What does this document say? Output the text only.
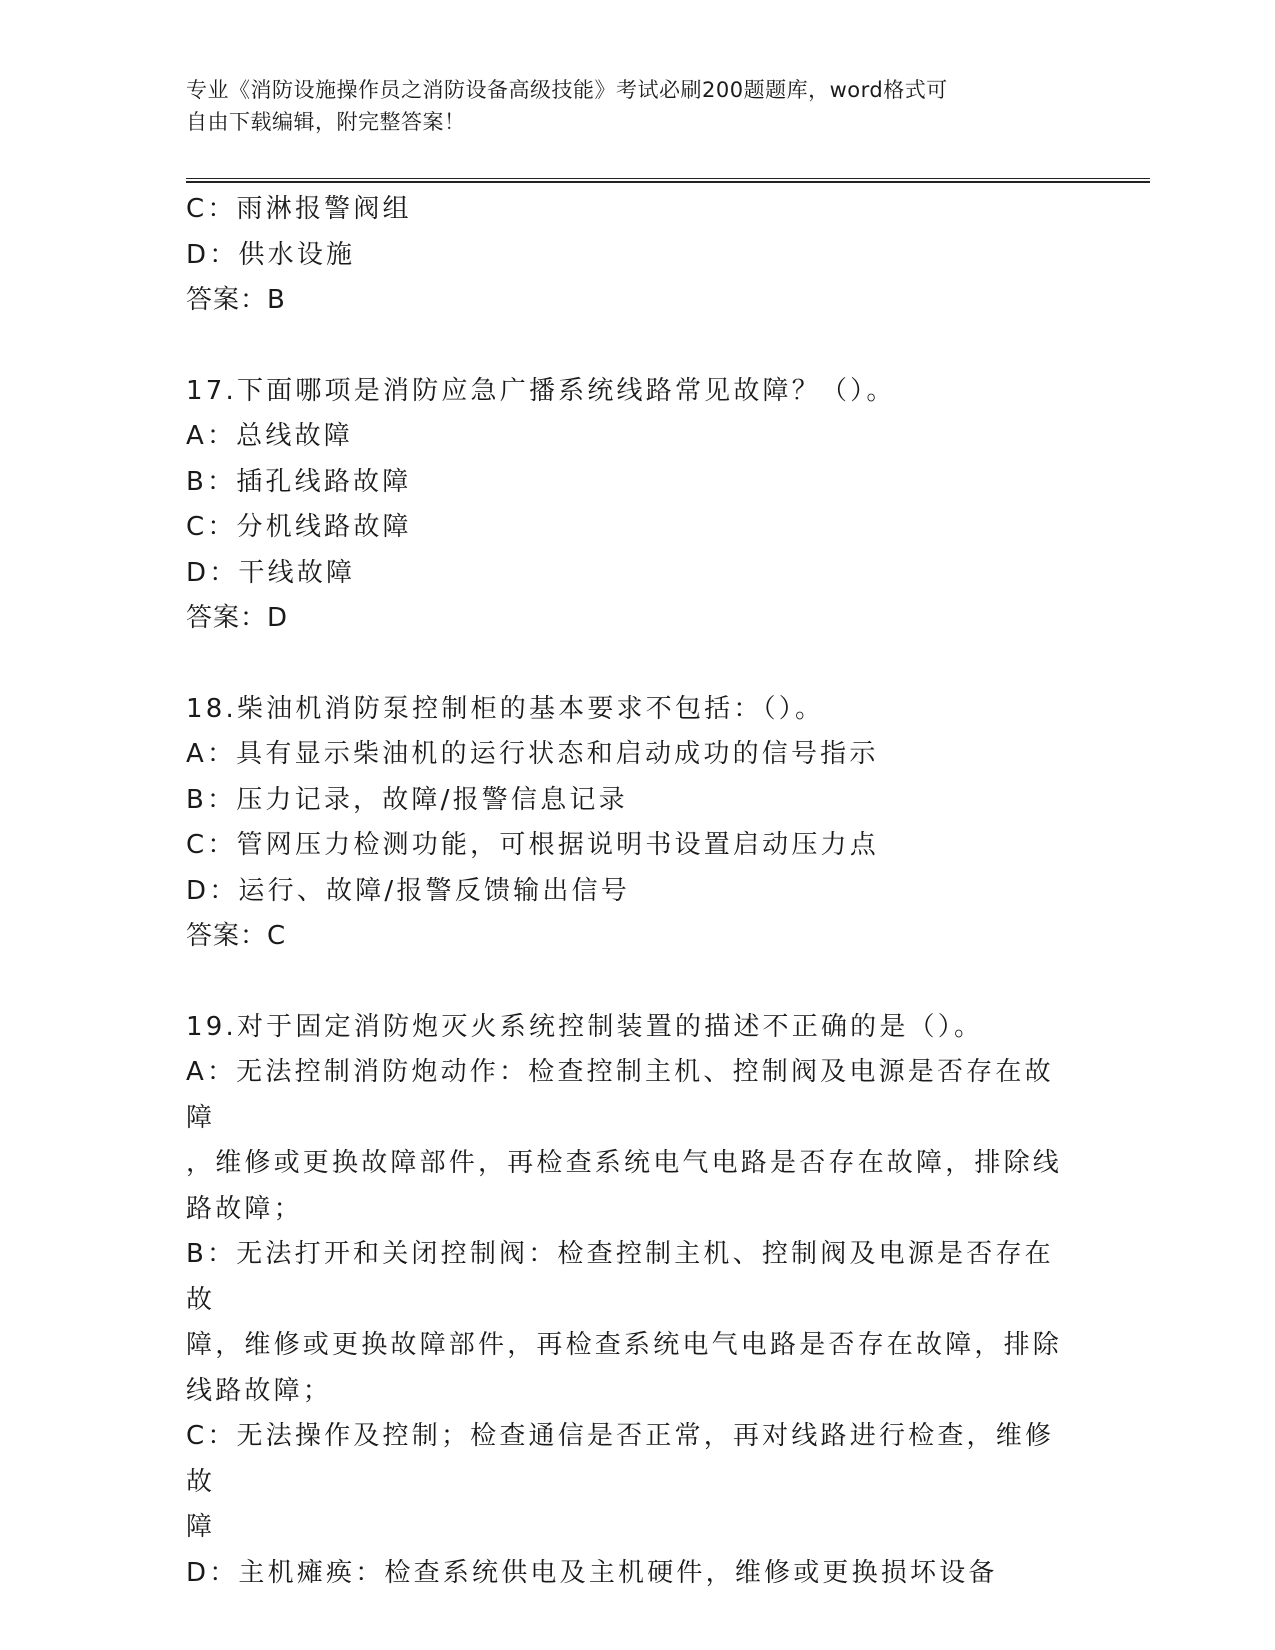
专业《消防设施操作员之消防设备高级技能》考试必刷200题题库，word格式可
自由下载编辑，附完整答案！
C：雨淋报警阀组
D：供水设施
答案：B
17.下面哪项是消防应急广播系统线路常见故障？（）。
A：总线故障
B：插孔线路故障
C：分机线路故障
D：干线故障
答案：D
18.柴油机消防泵控制柜的基本要求不包括：（）。
A：具有显示柴油机的运行状态和启动成功的信号指示
B：压力记录，故障/报警信息记录
C：管网压力检测功能，可根据说明书设置启动压力点
D：运行、故障/报警反馈输出信号
答案：C
19.对于固定消防炮灭火系统控制装置的描述不正确的是（）。
A：无法控制消防炮动作：检查控制主机、控制阀及电源是否存在故障
，维修或更换故障部件，再检查系统电气电路是否存在故障，排除线
路故障；
B：无法打开和关闭控制阀：检查控制主机、控制阀及电源是否存在故
障，维修或更换故障部件，再检查系统电气电路是否存在故障，排除
线路故障；
C：无法操作及控制；检查通信是否正常，再对线路进行检查，维修故
障
D：主机瘫痪：检查系统供电及主机硬件，维修或更换损坏设备
